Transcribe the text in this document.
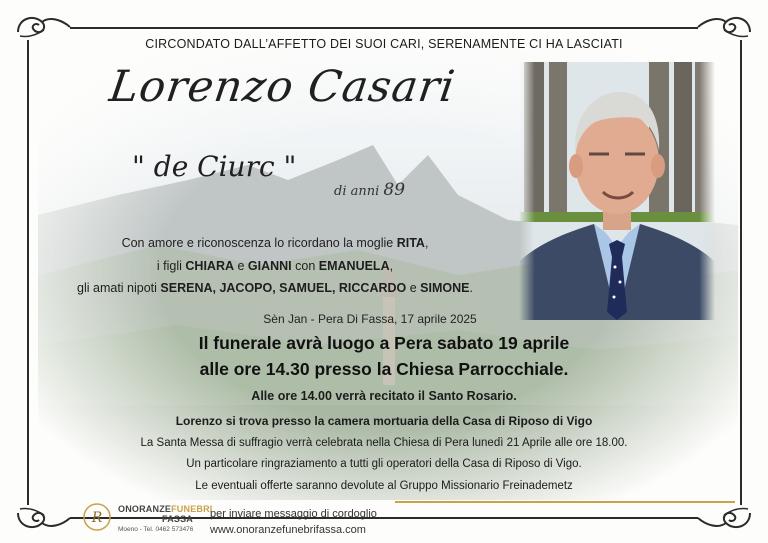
CIRCONDATO DALL’AFFETTO DEI SUOI CARI, SERENAMENTE CI HA LASCIATI
Lorenzo Casari
" de Ciurc "
di anni 89
Con amore e riconoscenza lo ricordano la moglie RITA,
i figli CHIARA e GIANNI con EMANUELA,
gli amati nipoti SERENA, JACOPO, SAMUEL, RICCARDO e SIMONE.
Sèn Jan - Pera Di Fassa, 17 aprile 2025
Il funerale avrà luogo a Pera sabato 19 aprile
alle ore 14.30 presso la Chiesa Parrocchiale.
Alle ore 14.00 verrà recitato il Santo Rosario.
Lorenzo si trova presso la camera mortuaria della Casa di Riposo di Vigo
La Santa Messa di suffragio verrà celebrata nella Chiesa di Pera lunedì 21 Aprile alle ore 18.00.
Un particolare ringraziamento a tutti gli operatori della Casa di Riposo di Vigo.
Le eventuali offerte saranno devolute al Gruppo Missionario Freinademetz
R
ONORANZEFUNEBRI
FASSA
Moeno - Tel. 0462 573476
per inviare messaggio di cordoglio
www.onoranzefunebrifassa.com
